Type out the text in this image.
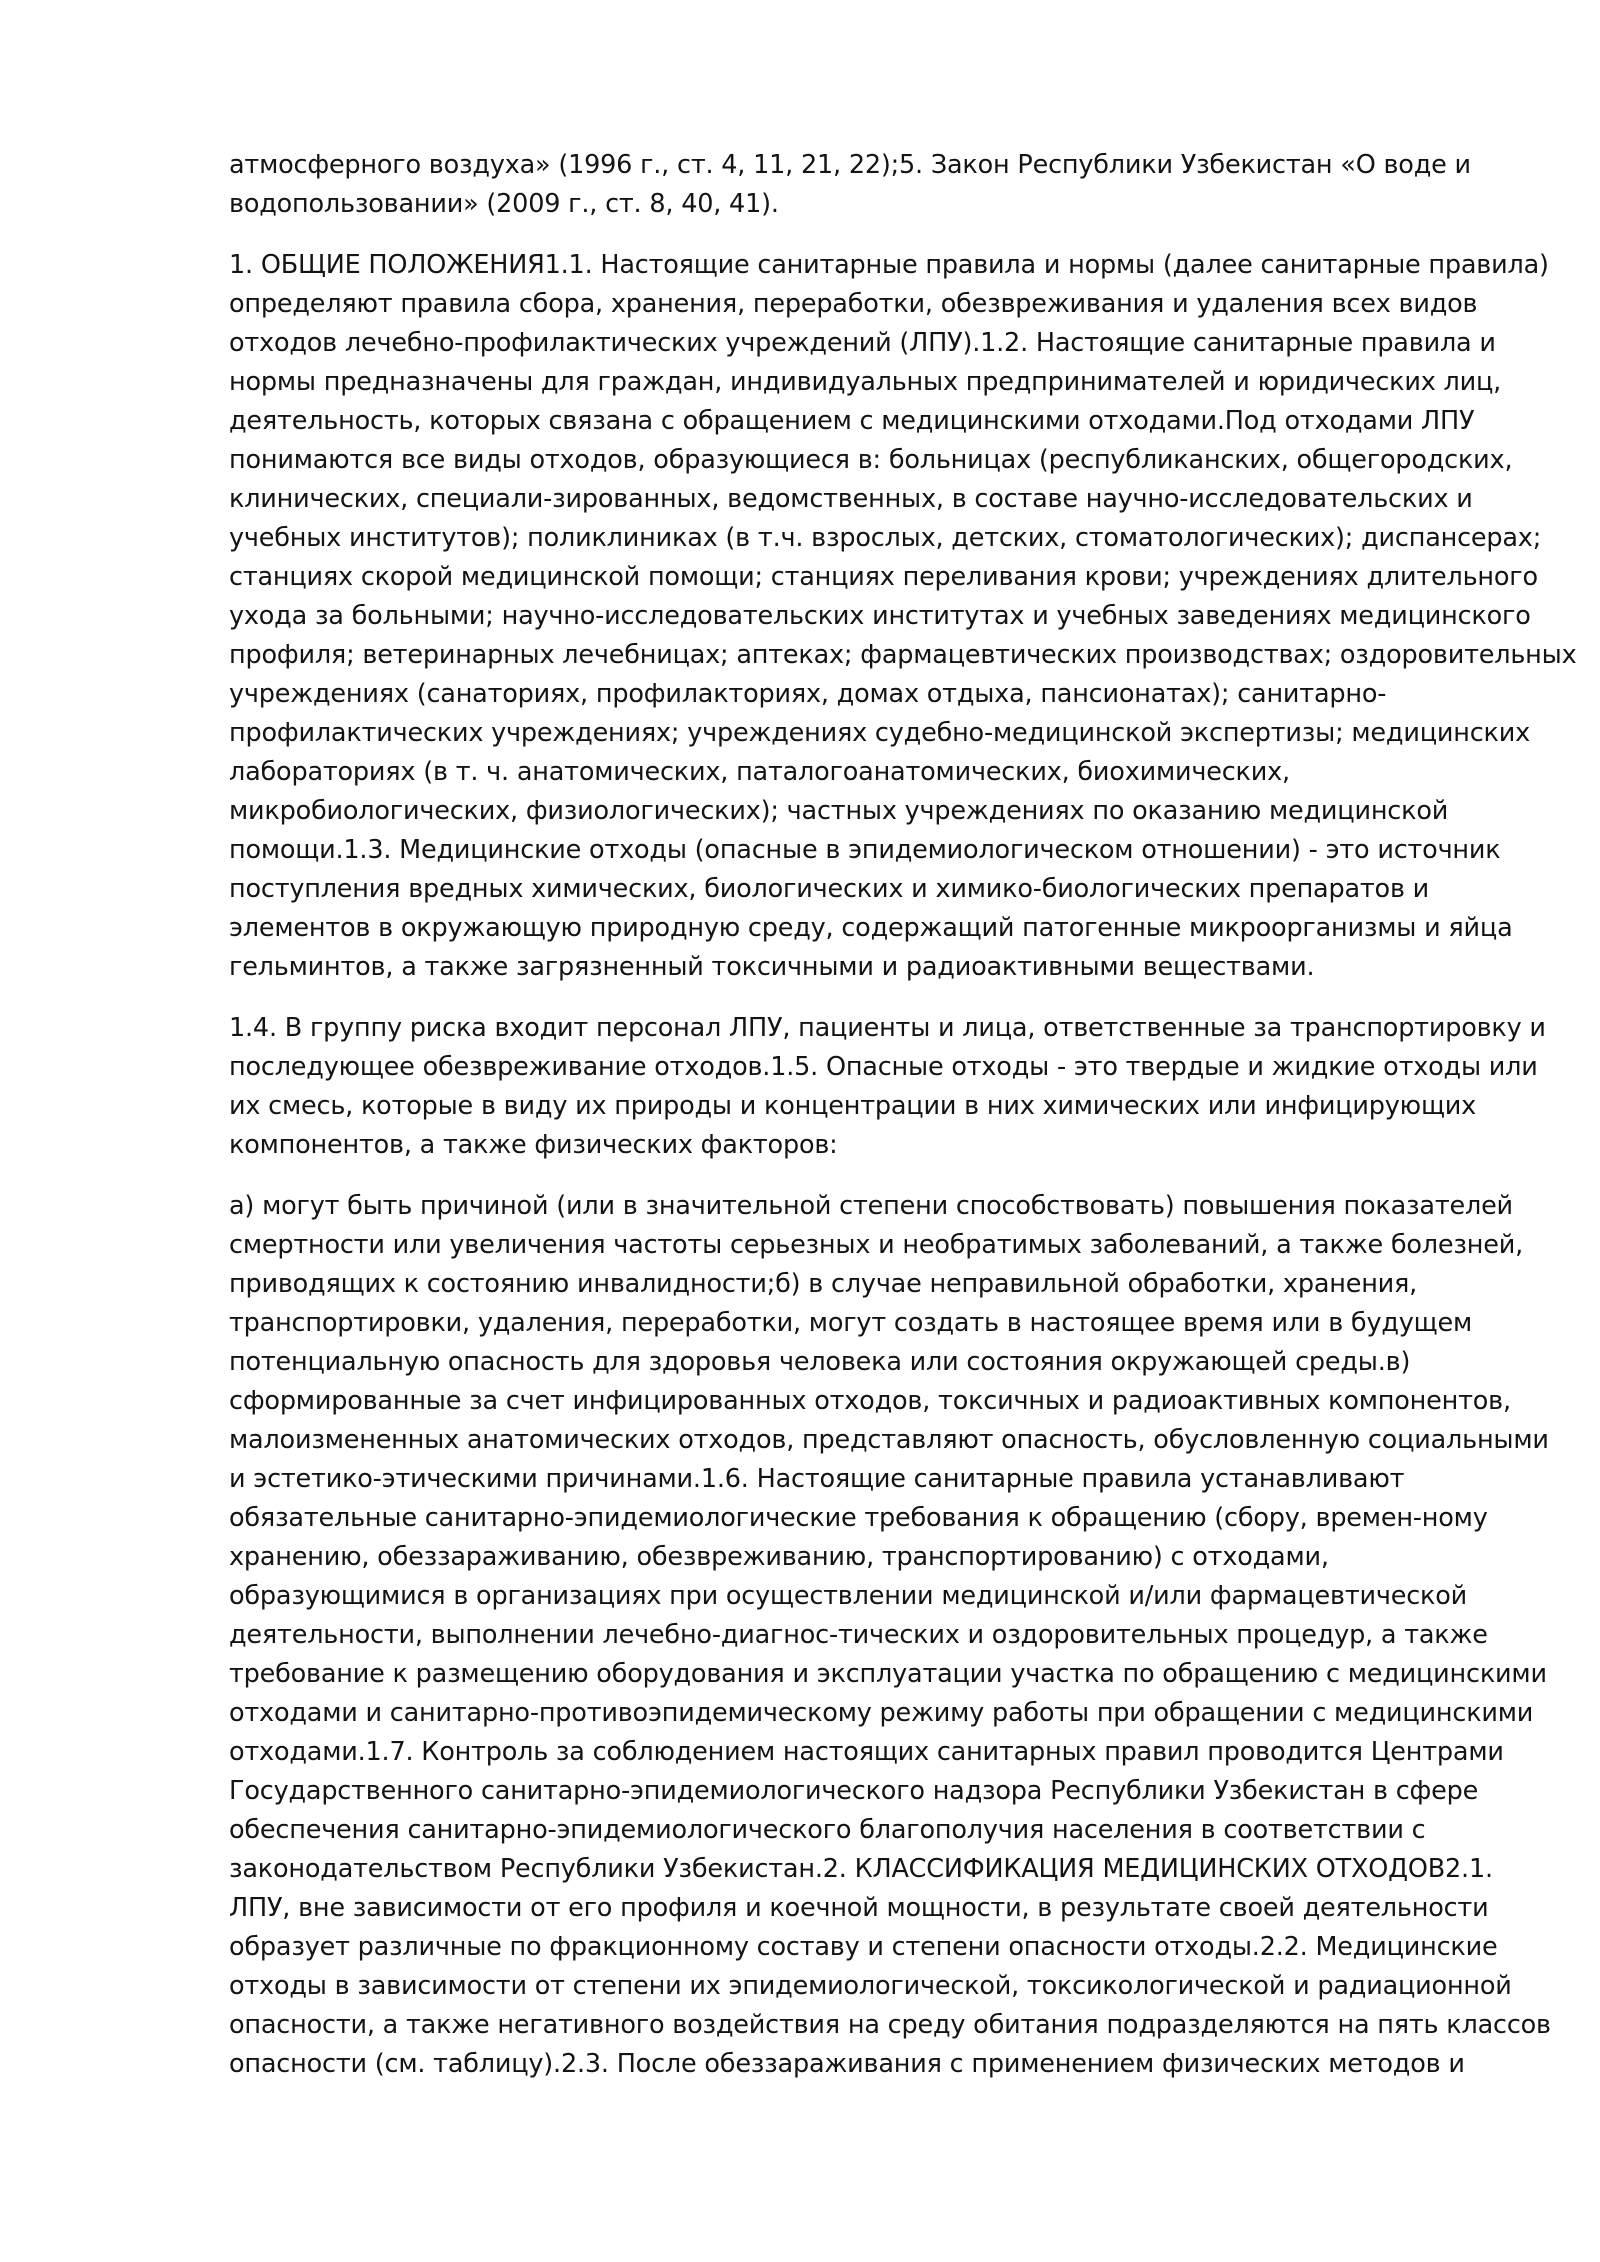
атмосферного воздуха» (1996 г., ст. 4, 11, 21, 22);5. Закон Республики Узбекистан «О воде и
водопользовании» (2009 г., ст. 8, 40, 41).

1. ОБЩИЕ ПОЛОЖЕНИЯ1.1. Настоящие санитарные правила и нормы (далее санитарные правила)
определяют правила сбора, хранения, переработки, обезвреживания и удаления всех видов
отходов лечебно-профилактических учреждений (ЛПУ).1.2. Настоящие санитарные правила и
нормы предназначены для граждан, индивидуальных предпринимателей и юридических лиц,
деятельность, которых связана с обращением с медицинскими отходами.Под отходами ЛПУ
понимаются все виды отходов, образующиеся в: больницах (республиканских, общегородских,
клинических, специали-зированных, ведомственных, в составе научно-исследовательских и
учебных институтов); поликлиниках (в т.ч. взрослых, детских, стоматологических); диспансерах;
станциях скорой медицинской помощи; станциях переливания крови; учреждениях длительного
ухода за больными; научно-исследовательских институтах и учебных заведениях медицинского
профиля; ветеринарных лечебницах; аптеках; фармацевтических производствах; оздоровительных
учреждениях (санаториях, профилакториях, домах отдыха, пансионатах); санитарно-
профилактических учреждениях; учреждениях судебно-медицинской экспертизы; медицинских
лабораториях (в т. ч. анатомических, паталогоанатомических, биохимических,
микробиологических, физиологических); частных учреждениях по оказанию медицинской
помощи.1.3. Медицинские отходы (опасные в эпидемиологическом отношении) - это источник
поступления вредных химических, биологических и химико-биологических препаратов и
элементов в окружающую природную среду, содержащий патогенные микроорганизмы и яйца
гельминтов, а также загрязненный токсичными и радиоактивными веществами.

1.4. В группу риска входит персонал ЛПУ, пациенты и лица, ответственные за транспортировку и
последующее обезвреживание отходов.1.5. Опасные отходы - это твердые и жидкие отходы или
их смесь, которые в виду их природы и концентрации в них химических или инфицирующих
компонентов, а также физических факторов:

а) могут быть причиной (или в значительной степени способствовать) повышения показателей
смертности или увеличения частоты серьезных и необратимых заболеваний, а также болезней,
приводящих к состоянию инвалидности;б) в случае неправильной обработки, хранения,
транспортировки, удаления, переработки, могут создать в настоящее время или в будущем
потенциальную опасность для здоровья человека или состояния окружающей среды.в)
сформированные за счет инфицированных отходов, токсичных и радиоактивных компонентов,
малоизмененных анатомических отходов, представляют опасность, обусловленную социальными
и эстетико-этическими причинами.1.6. Настоящие санитарные правила устанавливают
обязательные санитарно-эпидемиологические требования к обращению (сбору, времен-ному
хранению, обеззараживанию, обезвреживанию, транспортированию) с отходами,
образующимися в организациях при осуществлении медицинской и/или фармацевтической
деятельности, выполнении лечебно-диагнос-тических и оздоровительных процедур, а также
требование к размещению оборудования и эксплуатации участка по обращению с медицинскими
отходами и санитарно-противоэпидемическому режиму работы при обращении с медицинскими
отходами.1.7. Контроль за соблюдением настоящих санитарных правил проводится Центрами
Государственного санитарно-эпидемиологического надзора Республики Узбекистан в сфере
обеспечения санитарно-эпидемиологического благополучия населения в соответствии с
законодательством Республики Узбекистан.2. КЛАССИФИКАЦИЯ МЕДИЦИНСКИХ ОТХОДОВ2.1.
ЛПУ, вне зависимости от его профиля и коечной мощности, в результате своей деятельности
образует различные по фракционному составу и степени опасности отходы.2.2. Медицинские
отходы в зависимости от степени их эпидемиологической, токсикологической и радиационной
опасности, а также негативного воздействия на среду обитания подразделяются на пять классов
опасности (см. таблицу).2.3. После обеззараживания с применением физических методов и
